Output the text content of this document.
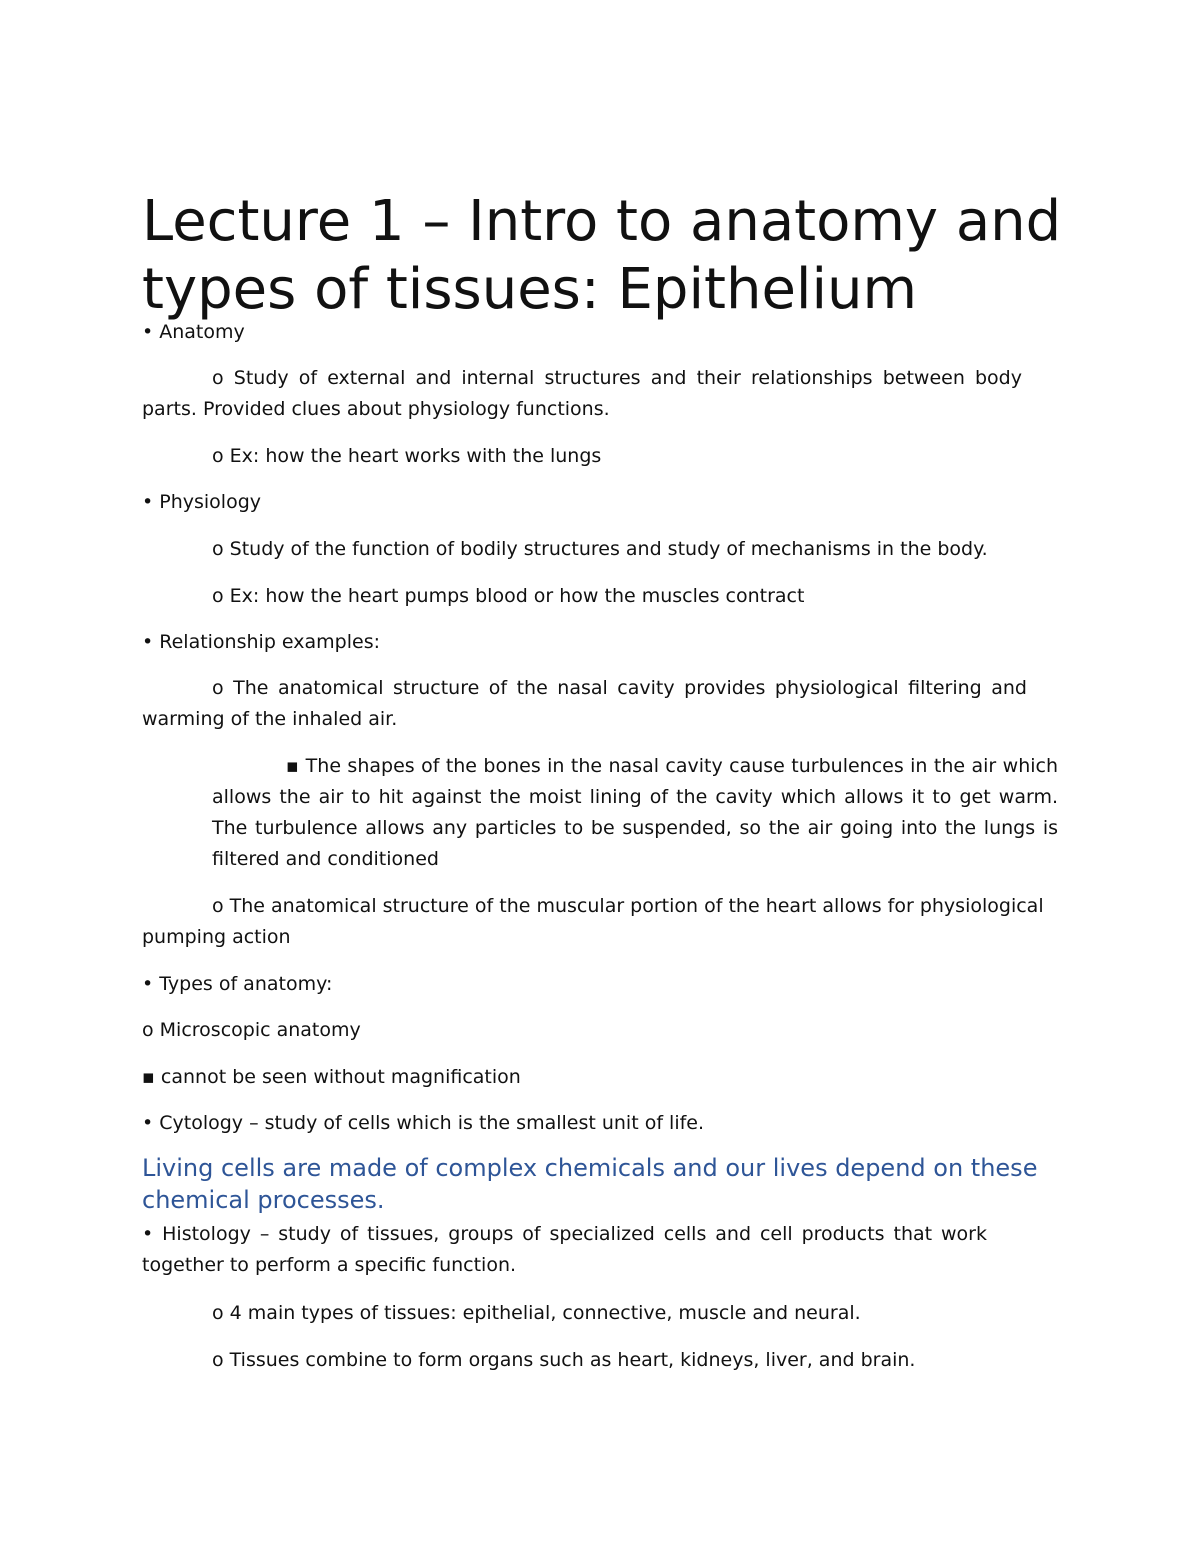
Lecture 1 – Intro to anatomy and types of tissues: Epithelium

• Anatomy

o Study of external and internal structures and their relationships between body parts. Provided clues about physiology functions.

o Ex: how the heart works with the lungs

• Physiology

o Study of the function of bodily structures and study of mechanisms in the body.

o Ex: how the heart pumps blood or how the muscles contract

• Relationship examples:

o The anatomical structure of the nasal cavity provides physiological filtering and warming of the inhaled air.

▪ The shapes of the bones in the nasal cavity cause turbulences in the air which allows the air to hit against the moist lining of the cavity which allows it to get warm. The turbulence allows any particles to be suspended, so the air going into the lungs is filtered and conditioned

o The anatomical structure of the muscular portion of the heart allows for physiological pumping action

• Types of anatomy:

o Microscopic anatomy

▪ cannot be seen without magnification

• Cytology – study of cells which is the smallest unit of life.

Living cells are made of complex chemicals and our lives depend on these chemical processes.

• Histology – study of tissues, groups of specialized cells and cell products that work together to perform a specific function.

o 4 main types of tissues: epithelial, connective, muscle and neural.

o Tissues combine to form organs such as heart, kidneys, liver, and brain.
